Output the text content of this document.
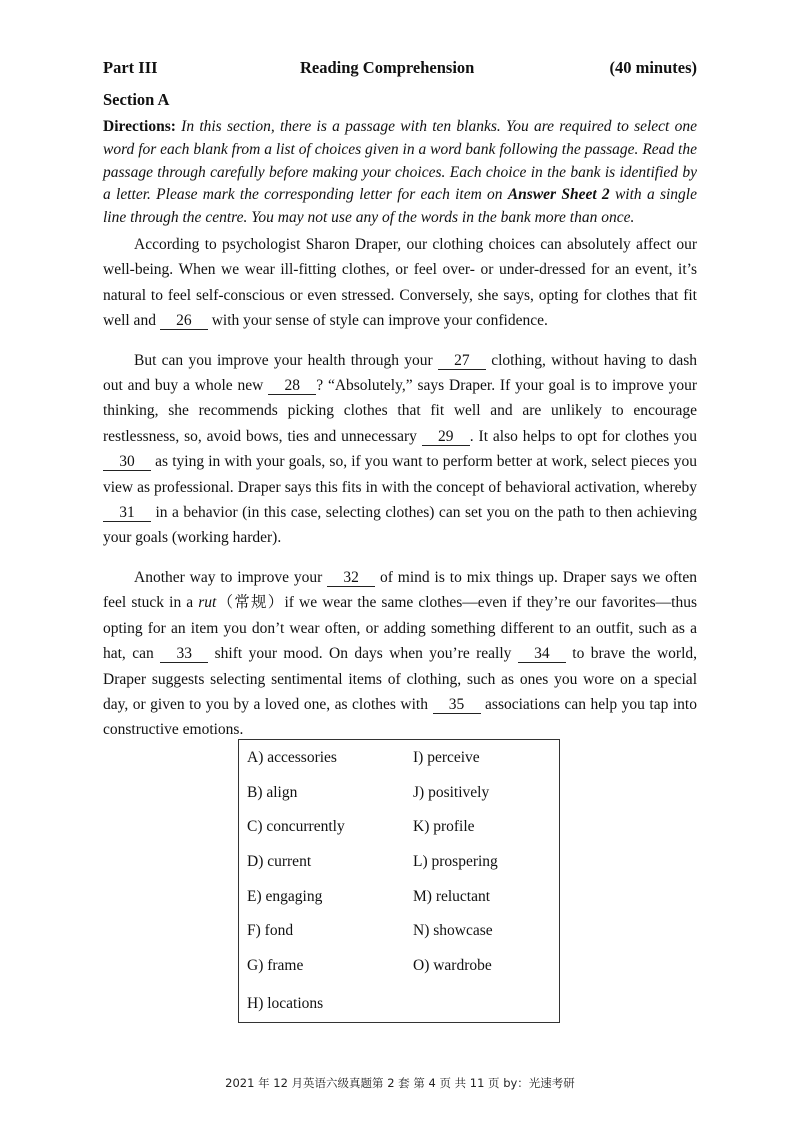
Part III	Reading Comprehension	(40 minutes)
Section A
Directions: In this section, there is a passage with ten blanks. You are required to select one word for each blank from a list of choices given in a word bank following the passage. Read the passage through carefully before making your choices. Each choice in the bank is identified by a letter. Please mark the corresponding letter for each item on Answer Sheet 2 with a single line through the centre. You may not use any of the words in the bank more than once.

According to psychologist Sharon Draper, our clothing choices can absolutely affect our well-being. When we wear ill-fitting clothes, or feel over- or under-dressed for an event, it’s natural to feel self-conscious or even stressed. Conversely, she says, opting for clothes that fit well and 26 with your sense of style can improve your confidence.

But can you improve your health through your 27 clothing, without having to dash out and buy a whole new 28 ? “Absolutely,” says Draper. If your goal is to improve your thinking, she recommends picking clothes that fit well and are unlikely to encourage restlessness, so, avoid bows, ties and unnecessary 29 . It also helps to opt for clothes you 30 as tying in with your goals, so, if you want to perform better at work, select pieces you view as professional. Draper says this fits in with the concept of behavioral activation, whereby 31 in a behavior (in this case, selecting clothes) can set you on the path to then achieving your goals (working harder).

Another way to improve your 32 of mind is to mix things up. Draper says we often feel stuck in a rut（常规）if we wear the same clothes—even if they’re our favorites—thus opting for an item you don’t wear often, or adding something different to an outfit, such as a hat, can 33 shift your mood. On days when you’re really 34 to brave the world, Draper suggests selecting sentimental items of clothing, such as ones you wore on a special day, or given to you by a loved one, as clothes with 35 associations can help you tap into constructive emotions.

A) accessories
B) align
C) concurrently
D) current
E) engaging
F) fond
G) frame
H) locations
I) perceive
J) positively
K) profile
L) prospering
M) reluctant
N) showcase
O) wardrobe
2021 年 12 月英语六级真题第 2 套 第 4 页 共 11 页 by：光速考研
